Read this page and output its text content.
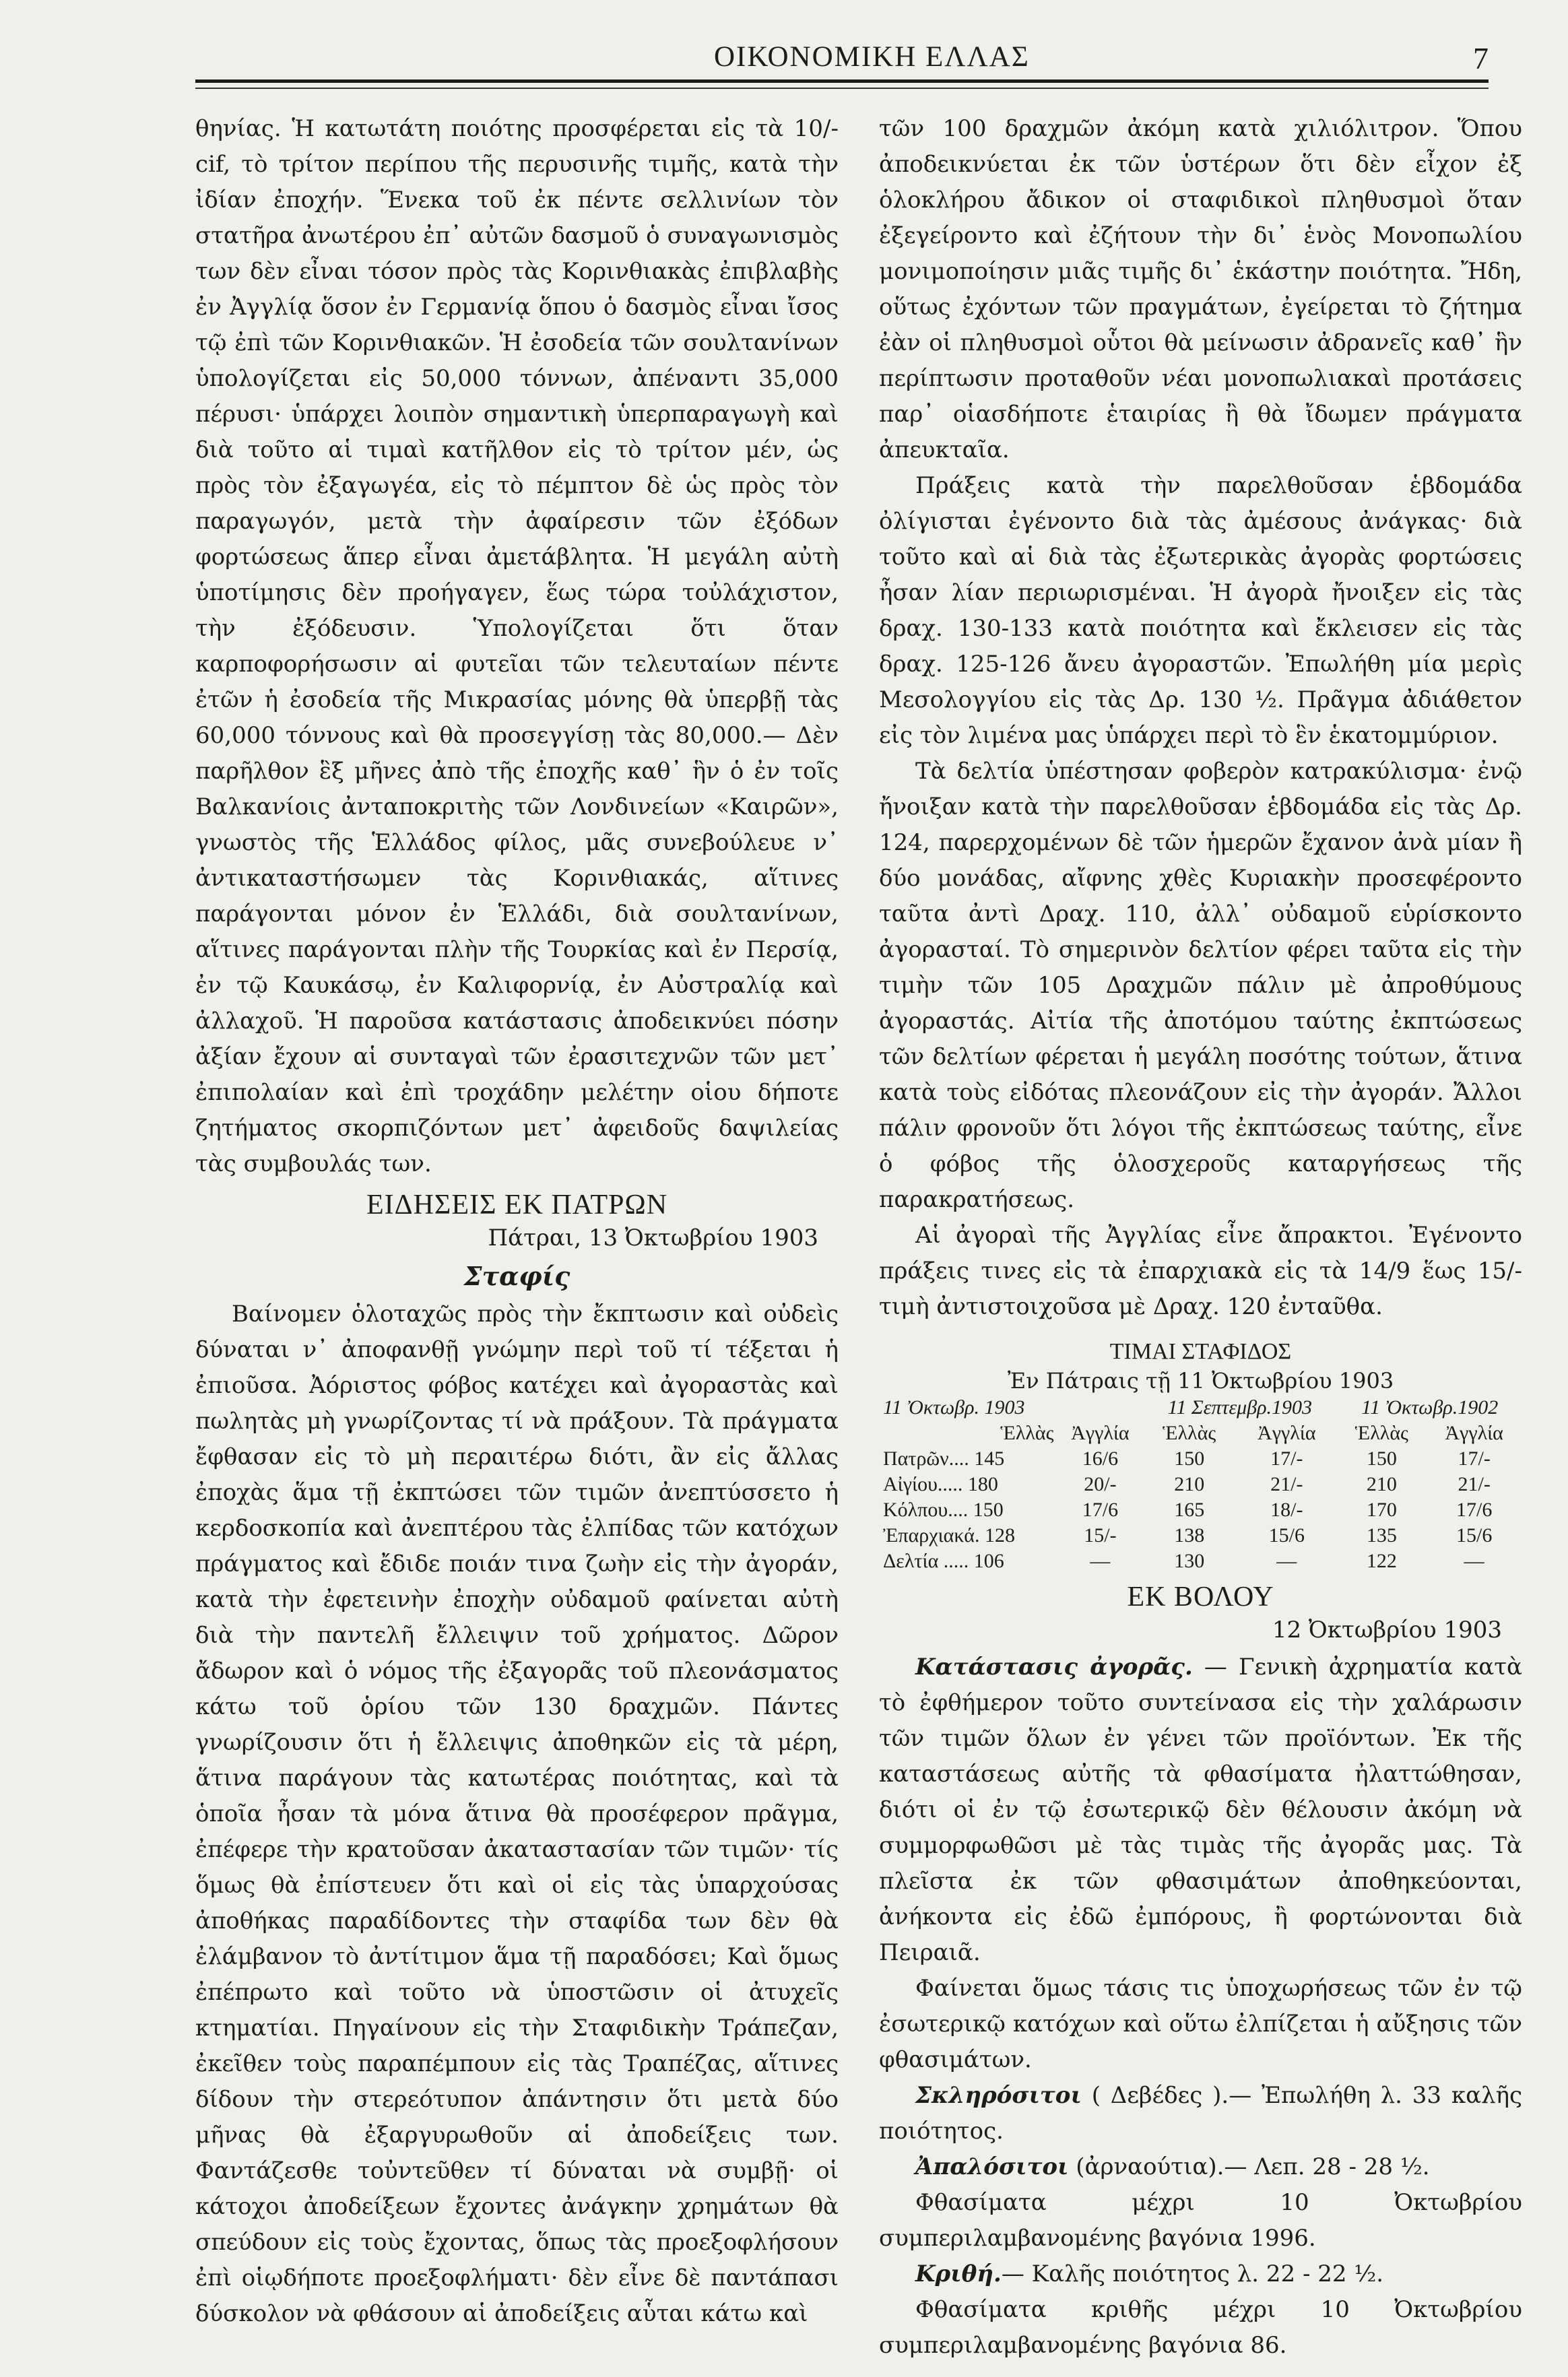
ΟΙΚΟΝΟΜΙΚΗ ΕΛΛΑΣ	7

θηνίας. Ἡ κατωτάτη ποιότης προσφέρεται εἰς τὰ 10/-cif, τὸ τρίτον περίπου τῆς περυσινῆς τιμῆς, κατὰ τὴν ἰδίαν ἐποχήν. Ἕνεκα τοῦ ἐκ πέντε σελλινίων τὸν στατῆρα ἀνωτέρου ἐπ᾽ αὐτῶν δασμοῦ ὁ συναγωνισμὸς των δὲν εἶναι τόσον πρὸς τὰς Κορινθιακὰς ἐπιβλαβὴς ἐν Ἀγγλίᾳ ὅσον ἐν Γερμανίᾳ ὅπου ὁ δασμὸς εἶναι ἴσος τῷ ἐπὶ τῶν Κορινθιακῶν. Ἡ ἐσοδεία τῶν σουλτανίνων ὑπολογίζεται εἰς 50,000 τόννων, ἀπέναντι 35,000 πέρυσι· ὑπάρχει λοιπὸν σημαντικὴ ὑπερπαραγωγὴ καὶ διὰ τοῦτο αἱ τιμαὶ κατῆλθον εἰς τὸ τρίτον μέν, ὡς πρὸς τὸν ἐξαγωγέα, εἰς τὸ πέμπτον δὲ ὡς πρὸς τὸν παραγωγόν, μετὰ τὴν ἀφαίρεσιν τῶν ἐξόδων φορτώσεως ἅπερ εἶναι ἀμετάβλητα. Ἡ μεγάλη αὐτὴ ὑποτίμησις δὲν προήγαγεν, ἕως τώρα τοὐλάχιστον, τὴν ἐξόδευσιν. Ὑπολογίζεται ὅτι ὅταν καρποφορήσωσιν αἱ φυτεῖαι τῶν τελευταίων πέντε ἐτῶν ἡ ἐσοδεία τῆς Μικρασίας μόνης θὰ ὑπερβῇ τὰς 60,000 τόννους καὶ θὰ προσεγγίσῃ τὰς 80,000.— Δὲν παρῆλθον ἓξ μῆνες ἀπὸ τῆς ἐποχῆς καθ᾽ ἣν ὁ ἐν τοῖς Βαλκανίοις ἀνταποκριτὴς τῶν Λονδινείων «Καιρῶν», γνωστὸς τῆς Ἑλλάδος φίλος, μᾶς συνεβούλευε ν᾽ ἀντικαταστήσωμεν τὰς Κορινθιακάς, αἵτινες παράγονται μόνον ἐν Ἑλλάδι, διὰ σουλτανίνων, αἵτινες παράγονται πλὴν τῆς Τουρκίας καὶ ἐν Περσίᾳ, ἐν τῷ Καυκάσῳ, ἐν Καλιφορνίᾳ, ἐν Αὐστραλίᾳ καὶ ἀλλαχοῦ. Ἡ παροῦσα κατάστασις ἀποδεικνύει πόσην ἀξίαν ἔχουν αἱ συνταγαὶ τῶν ἐρασιτεχνῶν τῶν μετ᾽ ἐπιπολαίαν καὶ ἐπὶ τροχάδην μελέτην οἱου δήποτε ζητήματος σκορπιζόντων μετ᾽ ἀφειδοῦς δαψιλείας τὰς συμβουλάς των.

ΕΙΔΗΣΕΙΣ ΕΚ ΠΑΤΡΩΝ
Πάτραι, 13 Ὀκτωβρίου 1903
Σταφίς

Βαίνομεν ὁλοταχῶς πρὸς τὴν ἔκπτωσιν καὶ οὐδεὶς δύναται ν᾽ ἀποφανθῇ γνώμην περὶ τοῦ τί τέξεται ἡ ἐπιοῦσα. Ἀόριστος φόβος κατέχει καὶ ἀγοραστὰς καὶ πωλητὰς μὴ γνωρίζοντας τί νὰ πράξουν. Τὰ πράγματα ἔφθασαν εἰς τὸ μὴ περαιτέρω διότι, ἂν εἰς ἄλλας ἐποχὰς ἅμα τῇ ἐκπτώσει τῶν τιμῶν ἀνεπτύσσετο ἡ κερδοσκοπία καὶ ἀνεπτέρου τὰς ἐλπίδας τῶν κατόχων πράγματος καὶ ἔδιδε ποιάν τινα ζωὴν εἰς τὴν ἀγοράν, κατὰ τὴν ἐφετεινὴν ἐποχὴν οὐδαμοῦ φαίνεται αὐτὴ διὰ τὴν παντελῆ ἔλλειψιν τοῦ χρήματος. Δῶρον ἄδωρον καὶ ὁ νόμος τῆς ἐξαγορᾶς τοῦ πλεονάσματος κάτω τοῦ ὁρίου τῶν 130 δραχμῶν. Πάντες γνωρίζουσιν ὅτι ἡ ἔλλειψις ἀποθηκῶν εἰς τὰ μέρη, ἅτινα παράγουν τὰς κατωτέρας ποιότητας, καὶ τὰ ὁποῖα ἦσαν τὰ μόνα ἅτινα θὰ προσέφερον πρᾶγμα, ἐπέφερε τὴν κρατοῦσαν ἀκαταστασίαν τῶν τιμῶν· τίς ὅμως θὰ ἐπίστευεν ὅτι καὶ οἱ εἰς τὰς ὑπαρχούσας ἀποθήκας παραδίδοντες τὴν σταφίδα των δὲν θὰ ἐλάμβανον τὸ ἀντίτιμον ἅμα τῇ παραδόσει; Καὶ ὅμως ἐπέπρωτο καὶ τοῦτο νὰ ὑποστῶσιν οἱ ἀτυχεῖς κτηματίαι. Πηγαίνουν εἰς τὴν Σταφιδικὴν Τράπεζαν, ἐκεῖθεν τοὺς παραπέμπουν εἰς τὰς Τραπέζας, αἵτινες δίδουν τὴν στερεότυπον ἀπάντησιν ὅτι μετὰ δύο μῆνας θὰ ἐξαργυρωθοῦν αἱ ἀποδείξεις των. Φαντάζεσθε τοὐντεῦθεν τί δύναται νὰ συμβῇ· οἱ κάτοχοι ἀποδείξεων ἔχοντες ἀνάγκην χρημάτων θὰ σπεύδουν εἰς τοὺς ἔχοντας, ὅπως τὰς προεξοφλήσουν ἐπὶ οἱῳδήποτε προεξοφλήματι· δὲν εἶνε δὲ παντάπασι δύσκολον νὰ φθάσουν αἱ ἀποδείξεις αὗται κάτω καὶ

τῶν 100 δραχμῶν ἀκόμη κατὰ χιλιόλιτρον. Ὅπου ἀποδεικνύεται ἐκ τῶν ὑστέρων ὅτι δὲν εἶχον ἐξ ὁλοκλήρου ἄδικον οἱ σταφιδικοὶ πληθυσμοὶ ὅταν ἐξεγείροντο καὶ ἐζήτουν τὴν δι᾽ ἑνὸς Μονοπωλίου μονιμοποίησιν μιᾶς τιμῆς δι᾽ ἑκάστην ποιότητα. Ἤδη, οὕτως ἐχόντων τῶν πραγμάτων, ἐγείρεται τὸ ζήτημα ἐὰν οἱ πληθυσμοὶ οὗτοι θὰ μείνωσιν ἀδρανεῖς καθ᾽ ἣν περίπτωσιν προταθοῦν νέαι μονοπωλιακαὶ προτάσεις παρ᾽ οἱασδήποτε ἑταιρίας ἢ θὰ ἴδωμεν πράγματα ἀπευκταῖα.

Πράξεις κατὰ τὴν παρελθοῦσαν ἑβδομάδα ὀλίγισται ἐγένοντο διὰ τὰς ἀμέσους ἀνάγκας· διὰ τοῦτο καὶ αἱ διὰ τὰς ἐξωτερικὰς ἀγορὰς φορτώσεις ἦσαν λίαν περιωρισμέναι. Ἡ ἀγορὰ ἤνοιξεν εἰς τὰς δραχ. 130-133 κατὰ ποιότητα καὶ ἔκλεισεν εἰς τὰς δραχ. 125-126 ἄνευ ἀγοραστῶν. Ἐπωλήθη μία μερὶς Μεσολογγίου εἰς τὰς Δρ. 130 ½. Πρᾶγμα ἀδιάθετον εἰς τὸν λιμένα μας ὑπάρχει περὶ τὸ ἓν ἑκατομμύριον.

Τὰ δελτία ὑπέστησαν φοβερὸν κατρακύλισμα· ἐνῷ ἤνοιξαν κατὰ τὴν παρελθοῦσαν ἑβδομάδα εἰς τὰς Δρ. 124, παρερχομένων δὲ τῶν ἡμερῶν ἔχανον ἀνὰ μίαν ἢ δύο μονάδας, αἴφνης χθὲς Κυριακὴν προσεφέροντο ταῦτα ἀντὶ Δραχ. 110, ἀλλ᾽ οὐδαμοῦ εὑρίσκοντο ἀγορασταί. Τὸ σημερινὸν δελτίον φέρει ταῦτα εἰς τὴν τιμὴν τῶν 105 Δραχμῶν πάλιν μὲ ἀπροθύμους ἀγοραστάς. Αἰτία τῆς ἀποτόμου ταύτης ἐκπτώσεως τῶν δελτίων φέρεται ἡ μεγάλη ποσότης τούτων, ἅτινα κατὰ τοὺς εἰδότας πλεονάζουν εἰς τὴν ἀγοράν. Ἄλλοι πάλιν φρονοῦν ὅτι λόγοι τῆς ἐκπτώσεως ταύτης, εἶνε ὁ φόβος τῆς ὁλοσχεροῦς καταργήσεως τῆς παρακρατήσεως.

Αἱ ἀγοραὶ τῆς Ἀγγλίας εἶνε ἄπρακτοι. Ἐγένοντο πράξεις τινες εἰς τὰ ἐπαρχιακὰ εἰς τὰ 14/9 ἕως 15/- τιμὴ ἀντιστοιχοῦσα μὲ Δραχ. 120 ἐνταῦθα.

ΤΙΜΑΙ ΣΤΑΦΙΔΟΣ
Ἐν Πάτραις τῇ 11 Ὀκτωβρίου 1903
11 Ὀκτωβρ. 1903		11 Σεπτεμβρ.1903		11 Ὀκτωβρ.1902	
Ἑλλὰς	Ἀγγλία	Ἑλλὰς	Ἀγγλία	Ἑλλὰς	Ἀγγλία
Πατρῶν.... 145	16/6	150	17/-	150	17/-
Αἰγίου..... 180	20/-	210	21/-	210	21/-
Κόλπου.... 150	17/6	165	18/-	170	17/6
Ἐπαρχιακά. 128	15/-	138	15/6	135	15/6
Δελτία ..... 106	—	130	—	122	—
ΕΚ ΒΟΛΟΥ
12 Ὀκτωβρίου 1903

Κατάστασις ἀγορᾶς. — Γενικὴ ἀχρηματία κατὰ τὸ ἐφθήμερον τοῦτο συντείνασα εἰς τὴν χαλάρωσιν τῶν τιμῶν ὅλων ἐν γένει τῶν προϊόντων. Ἐκ τῆς καταστάσεως αὐτῆς τὰ φθασίματα ἠλαττώθησαν, διότι οἱ ἐν τῷ ἐσωτερικῷ δὲν θέλουσιν ἀκόμη νὰ συμμορφωθῶσι μὲ τὰς τιμὰς τῆς ἀγορᾶς μας. Τὰ πλεῖστα ἐκ τῶν φθασιμάτων ἀποθηκεύονται, ἀνήκοντα εἰς ἐδῶ ἐμπόρους, ἢ φορτώνονται διὰ Πειραιᾶ.

Φαίνεται ὅμως τάσις τις ὑποχωρήσεως τῶν ἐν τῷ ἐσωτερικῷ κατόχων καὶ οὕτω ἐλπίζεται ἡ αὔξησις τῶν φθασιμάτων.

Σκληρόσιτοι ( Δεβέδες ).— Ἐπωλήθη λ. 33 καλῆς ποιότητος.

Ἀπαλόσιτοι (ἀρναούτια).— Λεπ. 28 - 28 ½.

Φθασίματα μέχρι 10 Ὀκτωβρίου συμπεριλαμβανομένης βαγόνια 1996.

Κριθή.— Καλῆς ποιότητος λ. 22 - 22 ½.

Φθασίματα κριθῆς μέχρι 10 Ὀκτωβρίου συμπεριλαμβανομένης βαγόνια 86.
